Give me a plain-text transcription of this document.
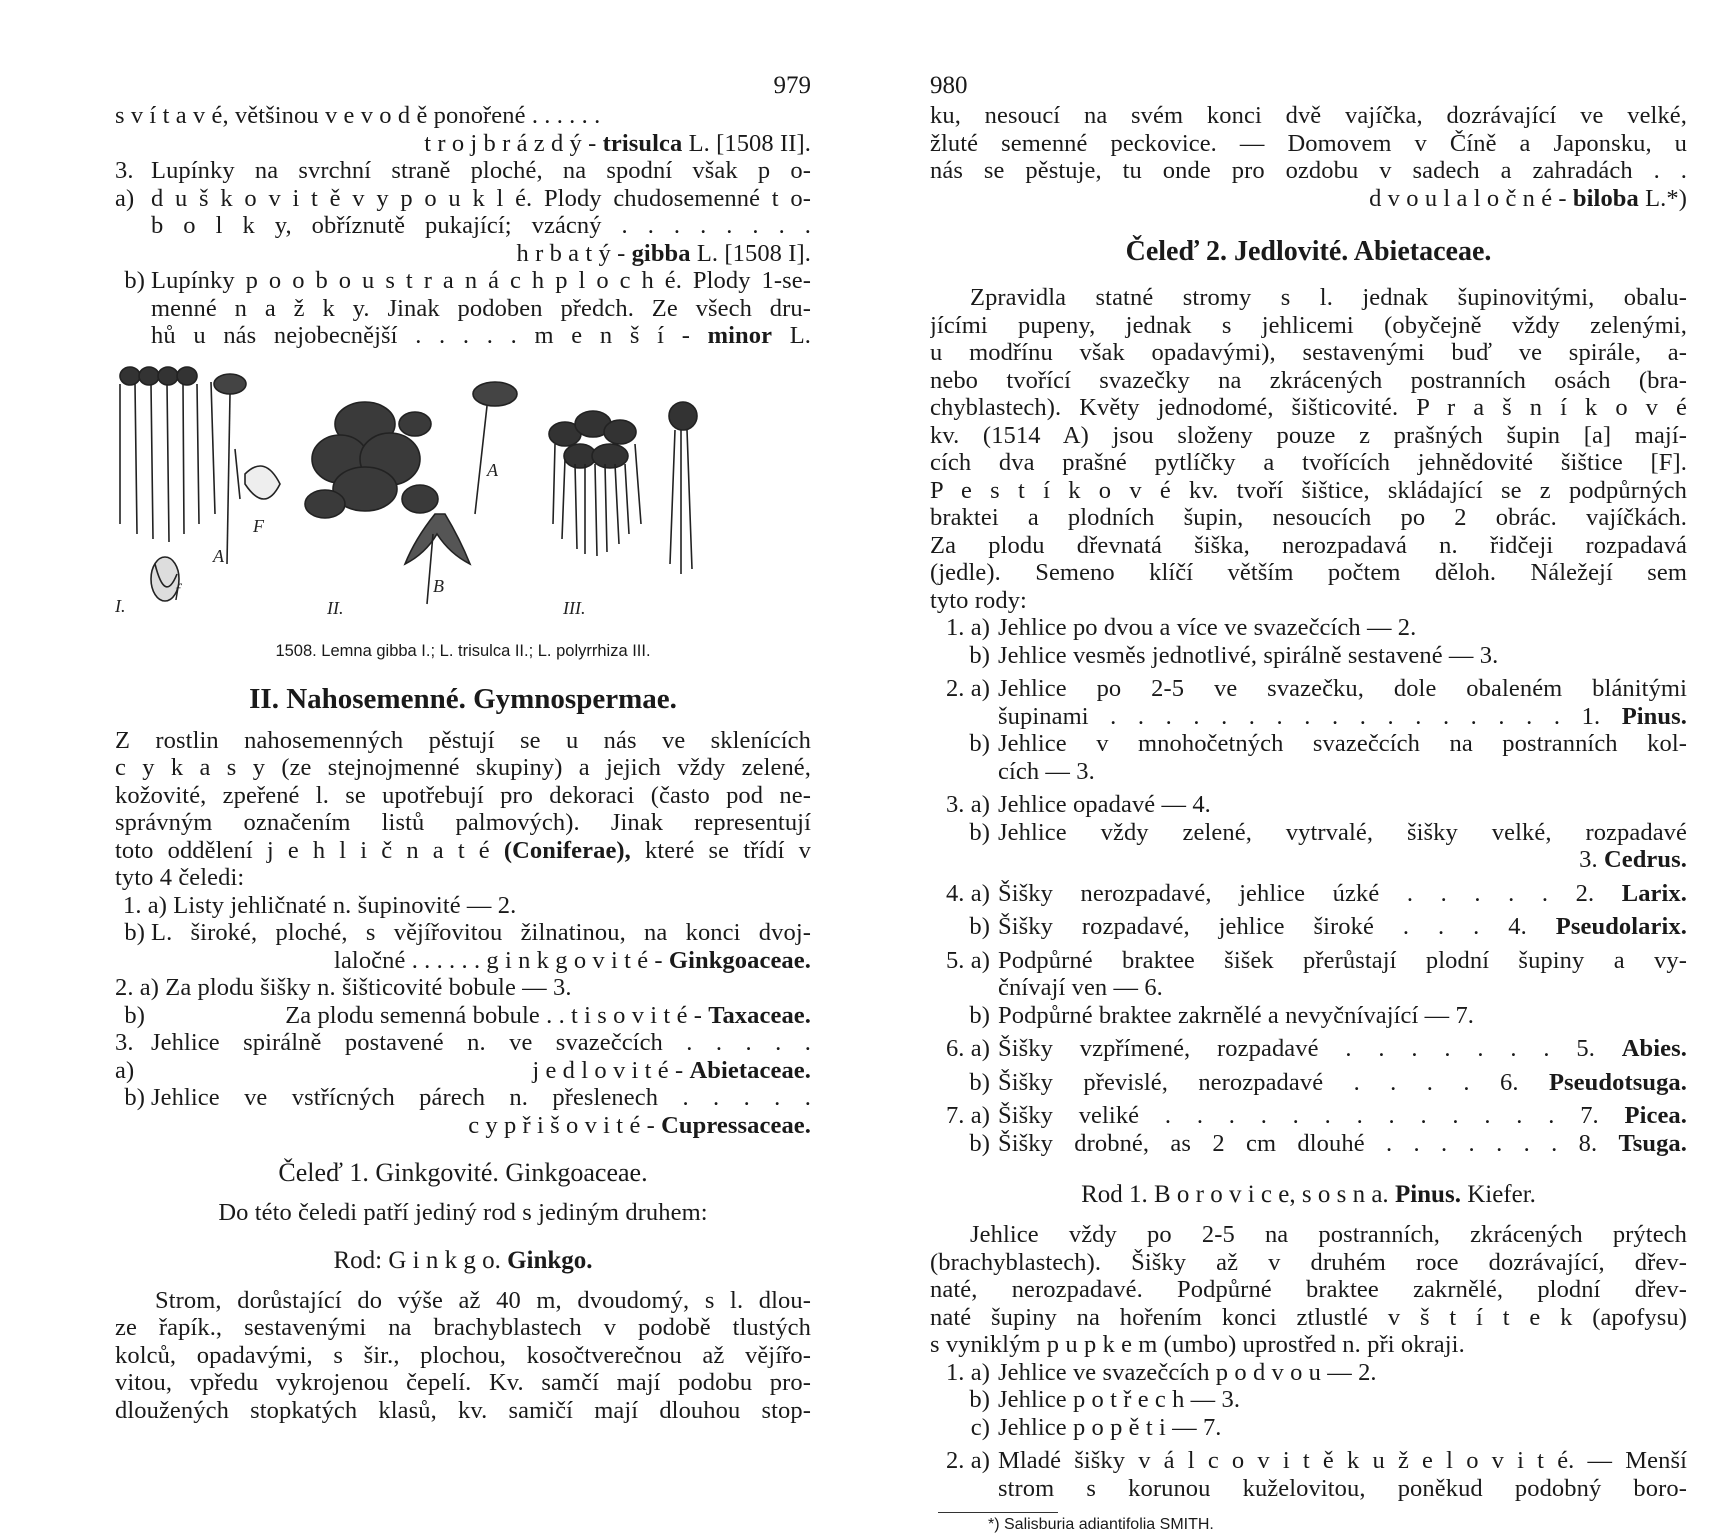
979
s v í t a v é, většinou v e v o d ě ponořené . . . . . .
t r o j b r á z d ý - trisulca L. [1508 II].
3. a)
Lupínky na svrchní straně ploché, na spodní však p o-
d u š k o v i t ě v y p o u k l é. Plody chudosemenné t o-
b o l k y, obříznutě pukající; vzácný . . . . . . . .
h r b a t ý - gibba L. [1508 I].
b) Lupínky p o o b o u s t r a n á c h p l o c h é. Plody 1-se-
menné n a ž k y. Jinak podoben předch. Ze všech dru-
hů u nás nejobecnější . . . . . m e n š í - minor L.
I.
f
A
F
II.
B
A
III.
1508. Lemna gibba I.; L. trisulca II.; L. polyrrhiza III.
II. Nahosemenné. Gymnospermae.
Z rostlin nahosemenných pěstují se u nás ve sklenících
c y k a s y (ze stejnojmenné skupiny) a jejich vždy zelené,
kožovité, zpeřené l. se upotřebují pro dekoraci (často pod ne-
správným označením listů palmových). Jinak representují
toto oddělení j e h l i č n a t é (Coniferae), které se třídí v
tyto 4 čeledi:
1. a) Listy jehličnaté n. šupinovité — 2.
b) L. široké, ploché, s vějířovitou žilnatinou, na konci dvoj-
laločné . . . . . . g i n k g o v i t é - Ginkgoaceae.
2. a) Za plodu šišky n. šišticovité bobule — 3.
b)	Za plodu semenná bobule . . t i s o v i t é - Taxaceae.
3. a)
Jehlice spirálně postavené n. ve svazečcích . . . . .
j e d l o v i t é - Abietaceae.
b) Jehlice ve vstřícných párech n. přeslenech . . . . .
c y p ř i š o v i t é - Cupressaceae.
Čeleď 1. Ginkgovité. Ginkgoaceae.
Do této čeledi patří jediný rod s jediným druhem:
Rod: G i n k g o. Ginkgo.
Strom, dorůstající do výše až 40 m, dvoudomý, s l. dlou-
ze řapík., sestavenými na brachyblastech v podobě tlustých
kolců, opadavými, s šir., plochou, kosočtverečnou až vějířo-
vitou, vpředu vykrojenou čepelí. Kv. samčí mají podobu pro-
dloužených stopkatých klasů, kv. samičí mají dlouhou stop-
980
ku, nesoucí na svém konci dvě vajíčka, dozrávající ve velké,
žluté semenné peckovice. — Domovem v Číně a Japonsku, u
nás se pěstuje, tu onde pro ozdobu v sadech a zahradách . .
d v o u l a l o č n é - biloba L.*)
Čeleď 2. Jedlovité. Abietaceae.
Zpravidla statné stromy s l. jednak šupinovitými, obalu-
jícími pupeny, jednak s jehlicemi (obyčejně vždy zelenými,
u modřínu však opadavými), sestavenými buď ve spirále, a-
nebo tvořící svazečky na zkrácených postranních osách (bra-
chyblastech). Květy jednodomé, šišticovité. P r a š n í k o v é
kv. (1514 A) jsou složeny pouze z prašných šupin [a] mají-
cích dva prašné pytlíčky a tvořících jehnědovité šištice [F].
P e s t í k o v é kv. tvoří šištice, skládající se z podpůrných
braktei a plodních šupin, nesoucích po 2 obrác. vajíčkách.
Za plodu dřevnatá šiška, nerozpadavá n. řidčeji rozpadavá
(jedle). Semeno klíčí větším počtem děloh. Náležejí sem
tyto rody:
1. a) Jehlice po dvou a více ve svazečcích — 2.
b) Jehlice vesměs jednotlivé, spirálně sestavené — 3.
2. a) Jehlice po 2-5 ve svazečku, dole obaleném blánitými
šupinami . . . . . . . . . . . . . . . . . 1. Pinus.
b) Jehlice v mnohočetných svazečcích na postranních kol-
cích — 3.
3. a) Jehlice opadavé — 4.
b) Jehlice vždy zelené, vytrvalé, šišky velké, rozpadavé
3. Cedrus.
4. a) Šišky nerozpadavé, jehlice úzké . . . . . 2. Larix.
b) Šišky rozpadavé, jehlice široké . . . 4. Pseudolarix.
5. a) Podpůrné braktee šišek přerůstají plodní šupiny a vy-
čnívají ven — 6.
b) Podpůrné braktee zakrnělé a nevyčnívající — 7.
6. a) Šišky vzpřímené, rozpadavé . . . . . . . 5. Abies.
b) Šišky převislé, nerozpadavé . . . . 6. Pseudotsuga.
7. a) Šišky veliké . . . . . . . . . . . . . 7. Picea.
b) Šišky drobné, as 2 cm dlouhé . . . . . . . 8. Tsuga.
Rod 1. B o r o v i c e, s o s n a. Pinus. Kiefer.
Jehlice vždy po 2-5 na postranních, zkrácených prýtech
(brachyblastech). Šišky až v druhém roce dozrávající, dřev-
naté, nerozpadavé. Podpůrné braktee zakrnělé, plodní dřev-
naté šupiny na hořením konci ztlustlé v š t í t e k (apofysu)
s vyniklým p u p k e m (umbo) uprostřed n. při okraji.
1. a) Jehlice ve svazečcích p o d v o u — 2.
b) Jehlice p o t ř e c h — 3.
c) Jehlice p o p ě t i — 7.
2. a) Mladé šišky v á l c o v i t ě k u ž e l o v i t é. — Menší
strom s korunou kuželovitou, poněkud podobný boro-
*) Salisburia adiantifolia SMITH.
